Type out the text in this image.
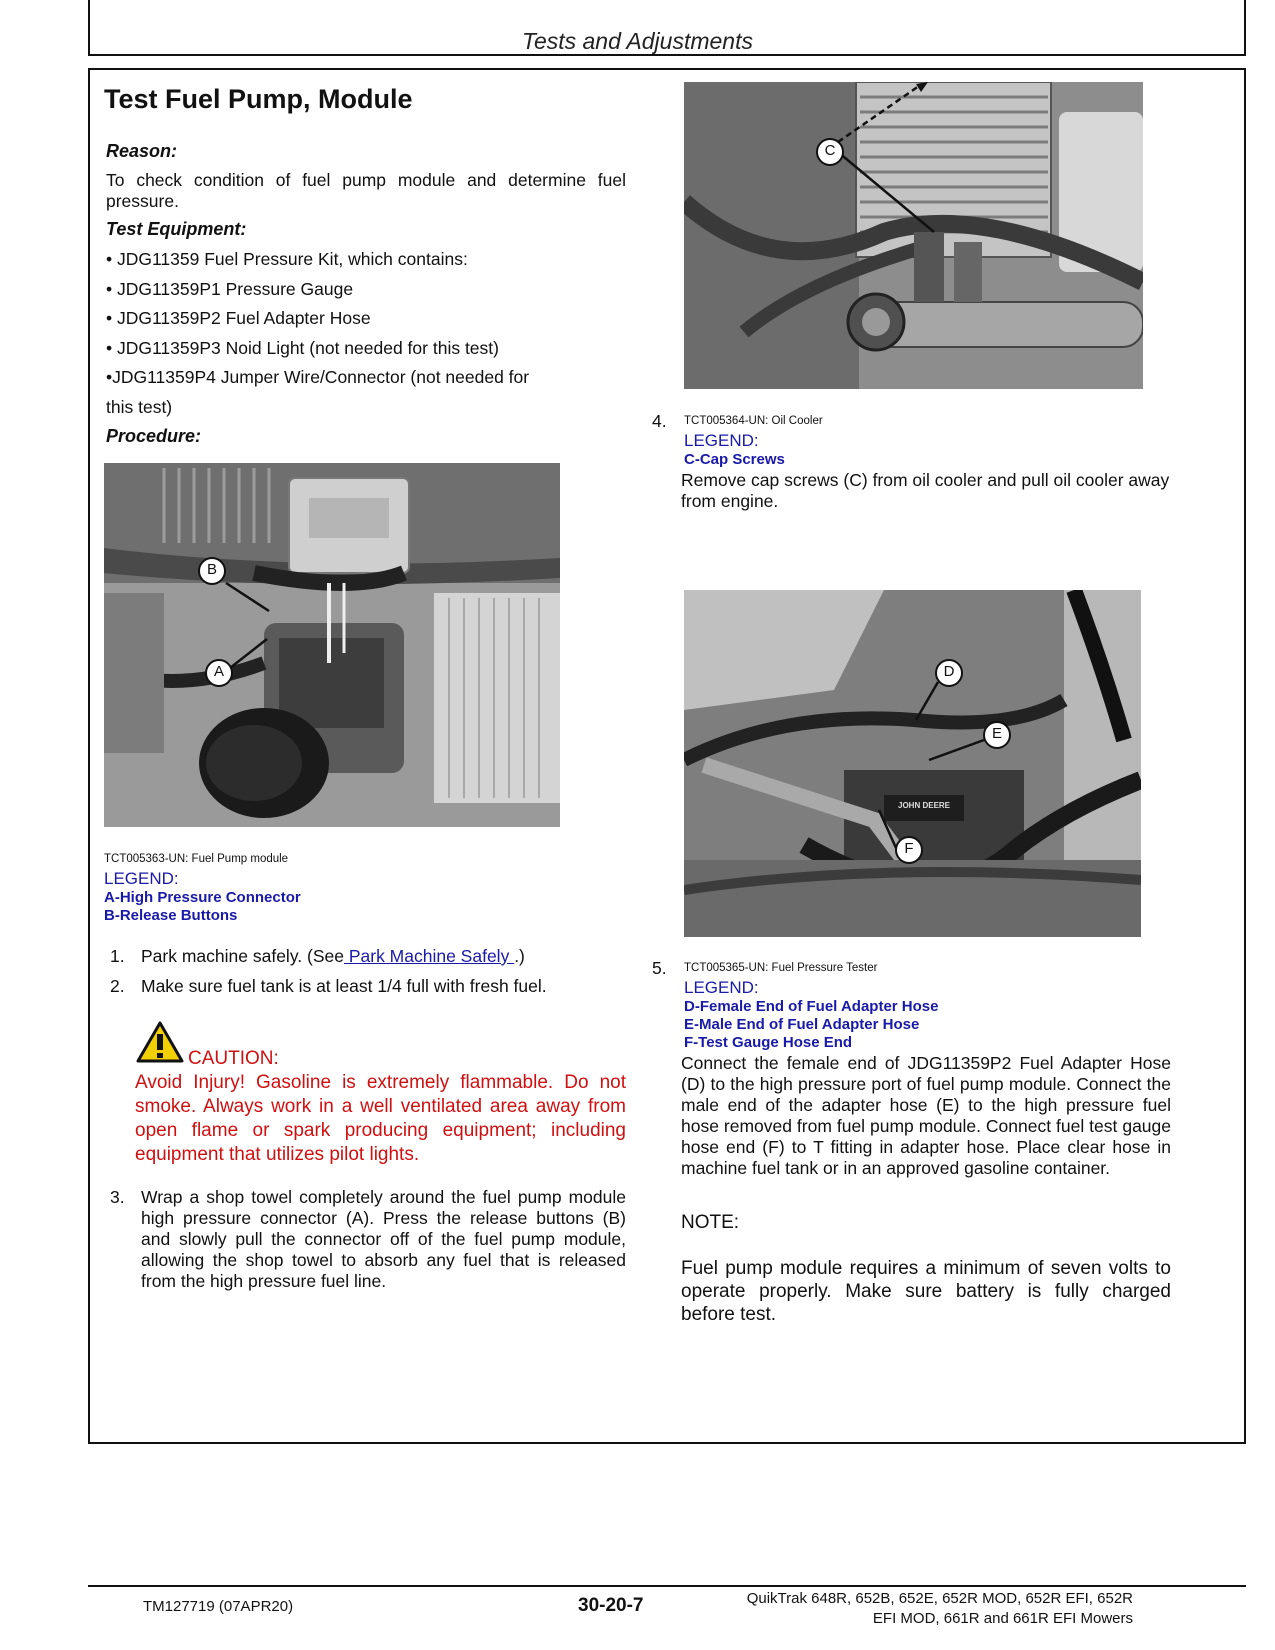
Tests and Adjustments
Test Fuel Pump, Module
Reason:
To check condition of fuel pump module and determine fuel pressure.
Test Equipment:
• JDG11359 Fuel Pressure Kit, which contains:
• JDG11359P1 Pressure Gauge
• JDG11359P2 Fuel Adapter Hose
• JDG11359P3 Noid Light (not needed for this test)
•JDG11359P4 Jumper Wire/Connector (not needed for
this test)
Procedure:
B
A
TCT005363-UN: Fuel Pump module
LEGEND:
A-High Pressure Connector
B-Release Buttons
1. Park machine safely. (See Park Machine Safely .)
2. Make sure fuel tank is at least 1/4 full with fresh fuel.
CAUTION:
Avoid Injury! Gasoline is extremely flammable. Do not smoke. Always work in a well ventilated area away from open flame or spark producing equipment; including equipment that utilizes pilot lights.
3. Wrap a shop towel completely around the fuel pump module high pressure connector (A). Press the release buttons (B) and slowly pull the connector off of the fuel pump module, allowing the shop towel to absorb any fuel that is released from the high pressure fuel line.
C
4. TCT005364-UN: Oil Cooler
LEGEND:
C-Cap Screws
Remove cap screws (C) from oil cooler and pull oil cooler away from engine.
D
E
F
JOHN DEERE
5. TCT005365-UN: Fuel Pressure Tester
LEGEND:
D-Female End of Fuel Adapter Hose
E-Male End of Fuel Adapter Hose
F-Test Gauge Hose End
Connect the female end of JDG11359P2 Fuel Adapter Hose (D) to the high pressure port of fuel pump module. Connect the male end of the adapter hose (E) to the high pressure fuel hose removed from fuel pump module. Connect fuel test gauge hose end (F) to T fitting in adapter hose. Place clear hose in machine fuel tank or in an approved gasoline container.
NOTE:
Fuel pump module requires a minimum of seven volts to operate properly. Make sure battery is fully charged before test.
TM127719 (07APR20)	30-20-7	QuikTrak 648R, 652B, 652E, 652R MOD, 652R EFI, 652R
EFI MOD, 661R and 661R EFI Mowers
